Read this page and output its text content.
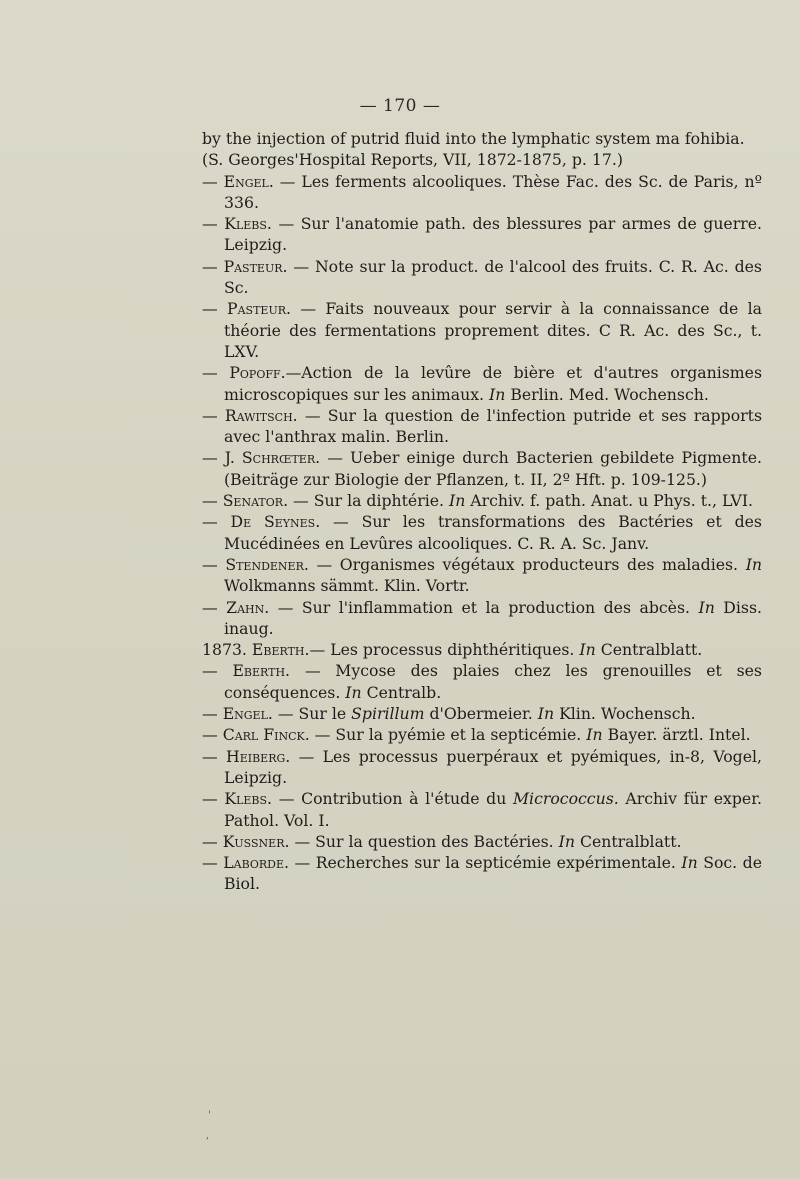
— 170 —

by the injection of putrid fluid into the lymphatic system ma fohibia. (S. Georges'Hospital Reports, VII, 1872-1875, p. 17.)

— Engel. — Les ferments alcooliques. Thèse Fac. des Sc. de Paris, nº 336.

— Klebs. — Sur l'anatomie path. des blessures par armes de guerre. Leipzig.

— Pasteur. — Note sur la product. de l'alcool des fruits. C. R. Ac. des Sc.

— Pasteur. — Faits nouveaux pour servir à la connaissance de la théorie des fermentations proprement dites. C R. Ac. des Sc., t. LXV.

— Popoff.—Action de la levûre de bière et d'autres organismes microscopiques sur les animaux. In Berlin. Med. Wochensch.

— Rawitsch. — Sur la question de l'infection putride et ses rapports avec l'anthrax malin. Berlin.

— J. Schrœter. — Ueber einige durch Bacterien gebildete Pigmente. (Beiträge zur Biologie der Pflanzen, t. II, 2º Hft. p. 109-125.)

— Senator. — Sur la diphtérie. In Archiv. f. path. Anat. u Phys. t., LVI.

— De Seynes. — Sur les transformations des Bactéries et des Mucédinées en Levûres alcooliques. C. R. A. Sc. Janv.

— Stendener. — Organismes végétaux producteurs des maladies. In Wolkmanns sämmt. Klin. Vortr.

— Zahn. — Sur l'inflammation et la production des abcès. In Diss. inaug.

1873. Eberth.— Les processus diphthéritiques. In Centralblatt.

— Eberth. — Mycose des plaies chez les grenouilles et ses conséquences. In Centralb.

— Engel. — Sur le Spirillum d'Obermeier. In Klin. Wochensch.

— Carl Finck. — Sur la pyémie et la septicémie. In Bayer. ärztl. Intel.

— Heiberg. — Les processus puerpéraux et pyémiques, in-8, Vogel, Leipzig.

— Klebs. — Contribution à l'étude du Micrococcus. Archiv für exper. Pathol. Vol. I.

— Kussner. — Sur la question des Bactéries. In Centralblatt.

— Laborde. — Recherches sur la septicémie expérimentale. In Soc. de Biol.

'
,
